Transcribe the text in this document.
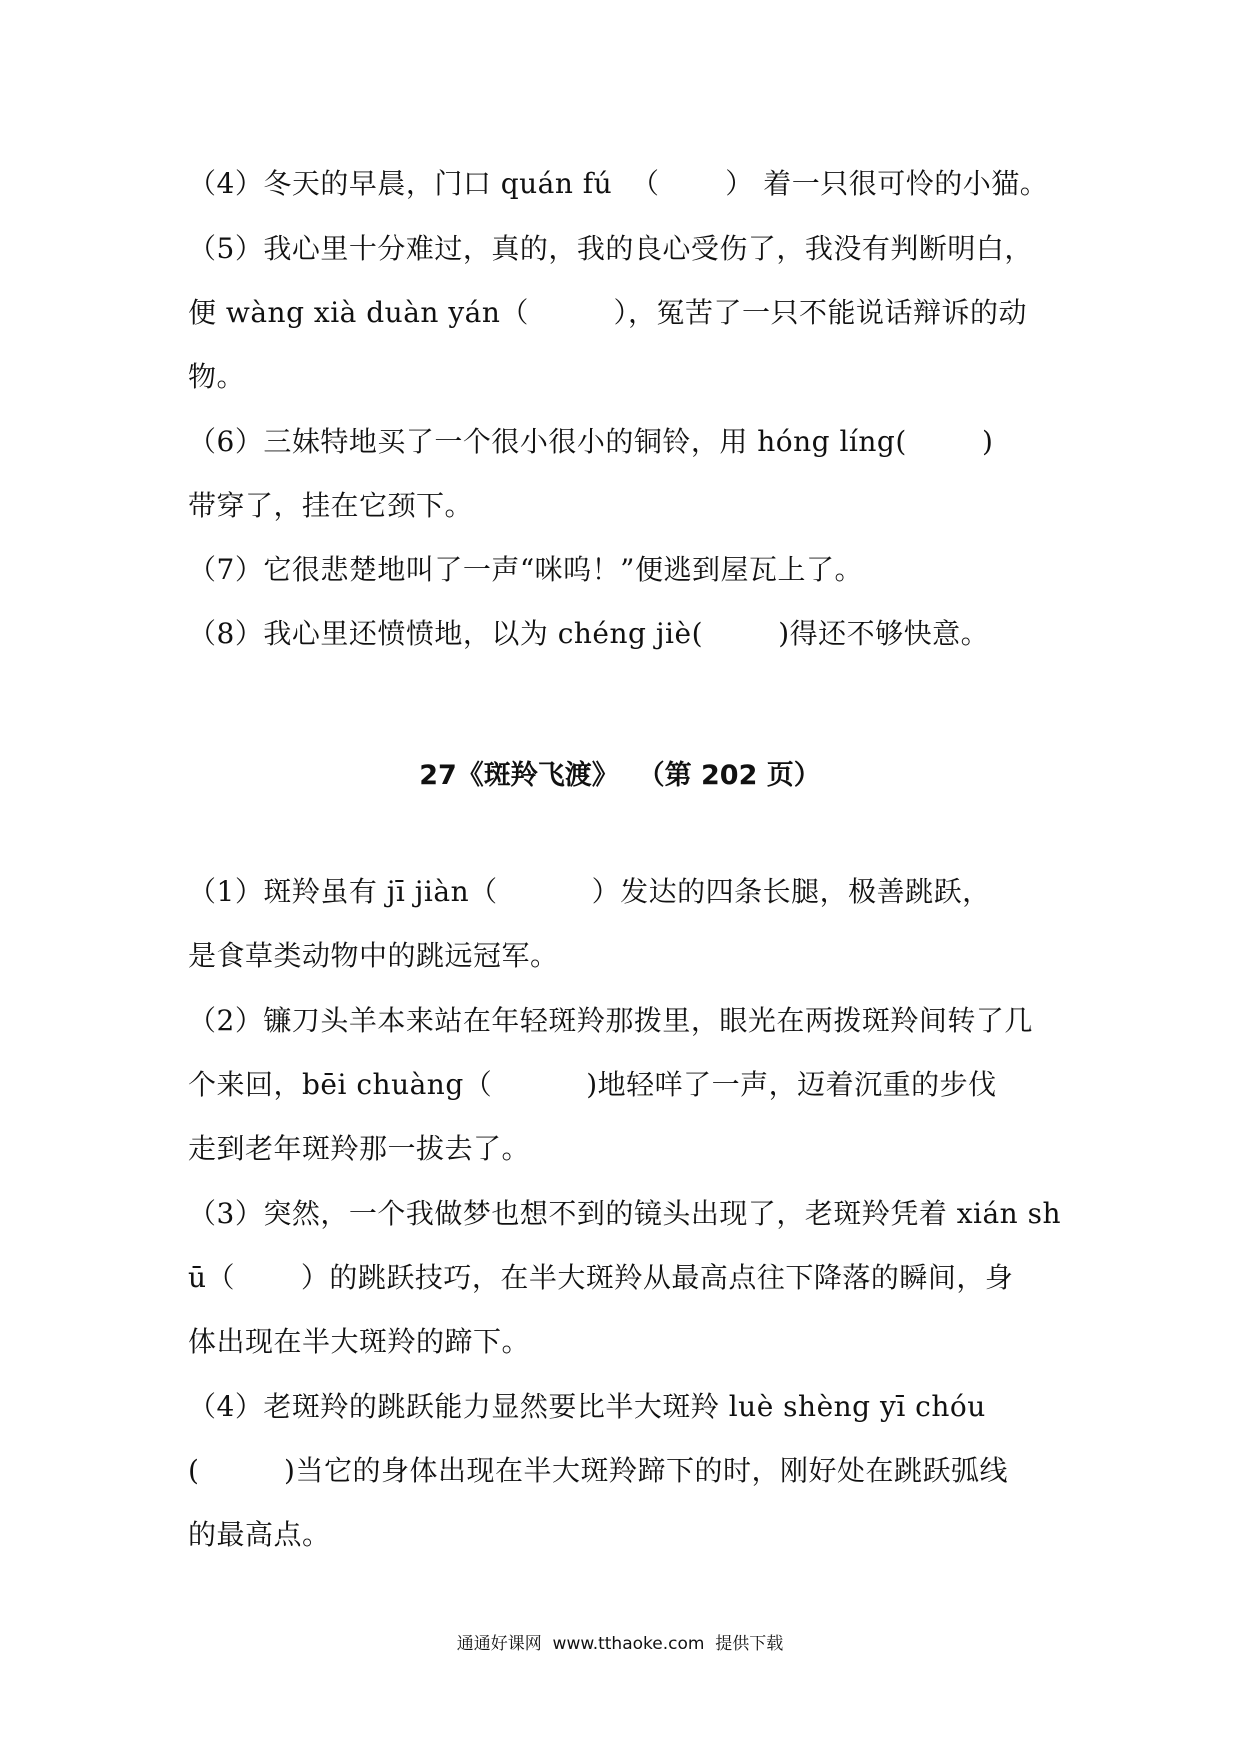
（4）冬天的早晨，门口 quán fú  （       ） 着一只很可怜的小猫。
（5）我心里十分难过，真的，我的良心受伤了，我没有判断明白，
便 wàng xià duàn yán（         ），冤苦了一只不能说话辩诉的动
物。
（6）三妹特地买了一个很小很小的铜铃，用 hóng líng(        )
带穿了，挂在它颈下。
（7）它很悲楚地叫了一声“咪呜！”便逃到屋瓦上了。
（8）我心里还愤愤地，以为 chéng jiè(        )得还不够快意。
27《斑羚飞渡》  （第 202 页）
（1）斑羚虽有 jī jiàn（          ）发达的四条长腿，极善跳跃，
是食草类动物中的跳远冠军。
（2）镰刀头羊本来站在年轻斑羚那拨里，眼光在两拨斑羚间转了几
个来回，bēi chuàng（          )地轻咩了一声，迈着沉重的步伐
走到老年斑羚那一拔去了。
（3）突然，一个我做梦也想不到的镜头出现了，老斑羚凭着 xián sh
ū（       ）的跳跃技巧，在半大斑羚从最高点往下降落的瞬间，身
体出现在半大斑羚的蹄下。
（4）老斑羚的跳跃能力显然要比半大斑羚 luè shèng yī chóu
(         )当它的身体出现在半大斑羚蹄下的时，刚好处在跳跃弧线
的最高点。
通通好课网  www.tthaoke.com  提供下载
